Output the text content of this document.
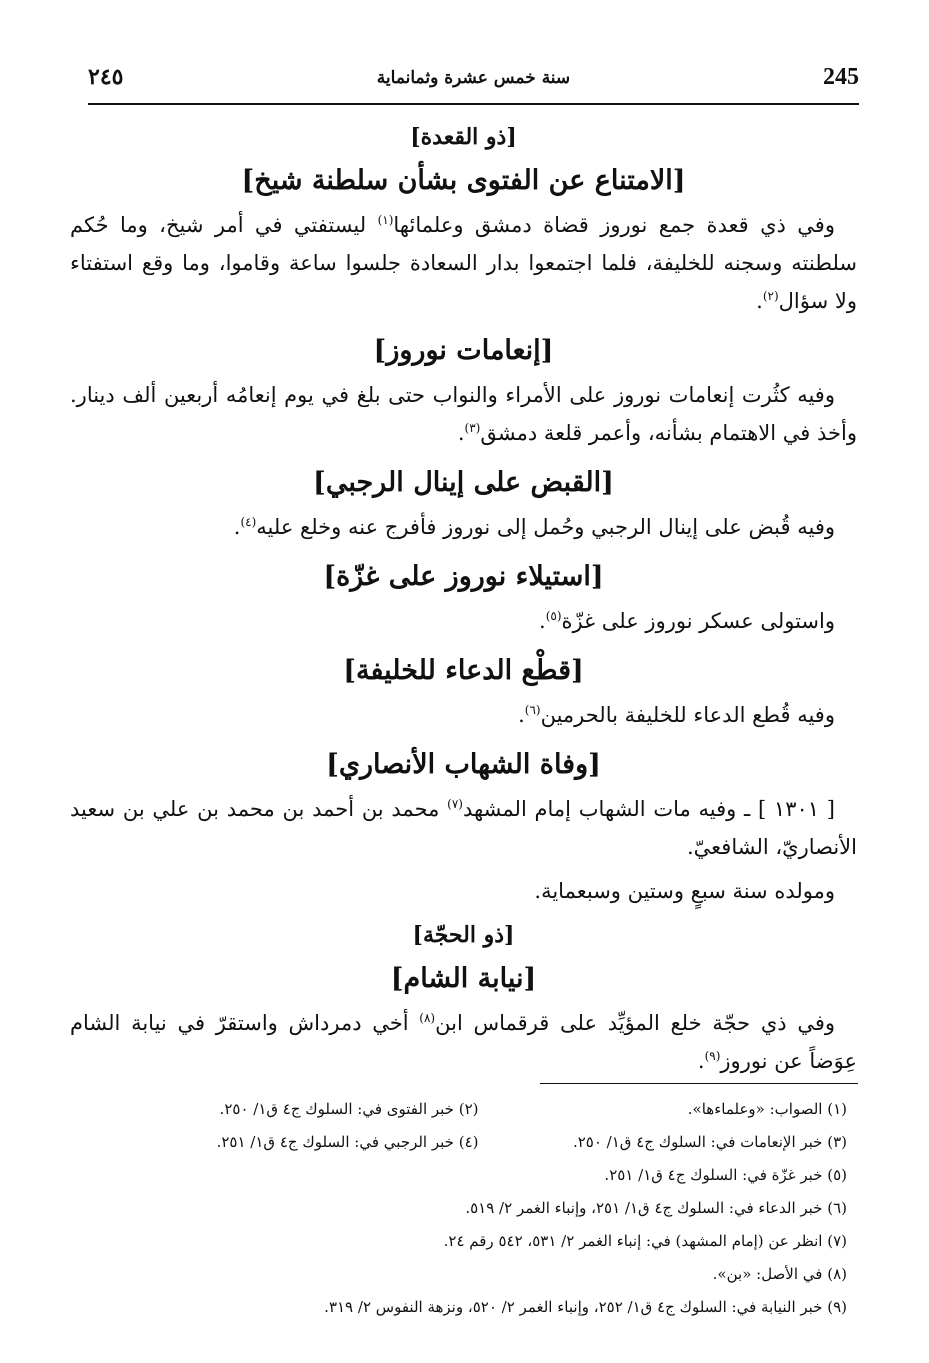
245
سنة خمس عشرة وثمانماية
٢٤٥
[ذو القعدة]
[الامتناع عن الفتوى بشأن سلطنة شيخ]

وفي ذي قعدة جمع نوروز قضاة دمشق وعلمائها$^{(١)}$ ليستفتي في أمر شيخ، وما حُكم سلطنته وسجنه للخليفة، فلما اجتمعوا بدار السعادة جلسوا ساعة وقاموا، وما وقع استفتاء ولا سؤال$^{(٢)}$.

[إنعامات نوروز]

وفيه كثُرت إنعامات نوروز على الأمراء والنواب حتى بلغ في يوم إنعامُه أربعين ألف دينار. وأخذ في الاهتمام بشأنه، وأعمر قلعة دمشق$^{(٣)}$.

[القبض على إينال الرجبي]

وفيه قُبض على إينال الرجبي وحُمل إلى نوروز فأفرج عنه وخلع عليه$^{(٤)}$.

[استيلاء نوروز على غزّة]

واستولى عسكر نوروز على غزّة$^{(٥)}$.

[قطْع الدعاء للخليفة]

وفيه قُطع الدعاء للخليفة بالحرمين$^{(٦)}$.

[وفاة الشهاب الأنصاري]

[ ١٣٠١ ] ـ وفيه مات الشهاب إمام المشهد$^{(٧)}$ محمد بن أحمد بن محمد بن علي بن سعيد الأنصاريّ، الشافعيّ.

ومولده سنة سبعٍ وستين وسبعماية.

[ذو الحجّة]
[نيابة الشام]

وفي ذي حجّة خلع المؤيِّد على قرقماس ابن$^{(٨)}$ أخي دمرداش واستقرّ في نيابة الشام عِوَضاً عن نوروز$^{(٩)}$.

(١) الصواب: «وعلماءها».
(٢) خبر الفتوى في: السلوك ج٤ ق١/ ٢٥٠.
(٣) خبر الإنعامات في: السلوك ج٤ ق١/ ٢٥٠.
(٤) خبر الرجبي في: السلوك ج٤ ق١/ ٢٥١.
(٥) خبر غزّة في: السلوك ج٤ ق١/ ٢٥١.
(٦) خبر الدعاء في: السلوك ج٤ ق١/ ٢٥١، وإنباء الغمر ٢/ ٥١٩.
(٧) انظر عن (إمام المشهد) في: إنباء الغمر ٢/ ٥٣١، ٥٤٢ رقم ٢٤.
(٨) في الأصل: «بن».
(٩) خبر النيابة في: السلوك ج٤ ق١/ ٢٥٢، وإنباء الغمر ٢/ ٥٢٠، ونزهة النفوس ٢/ ٣١٩.
